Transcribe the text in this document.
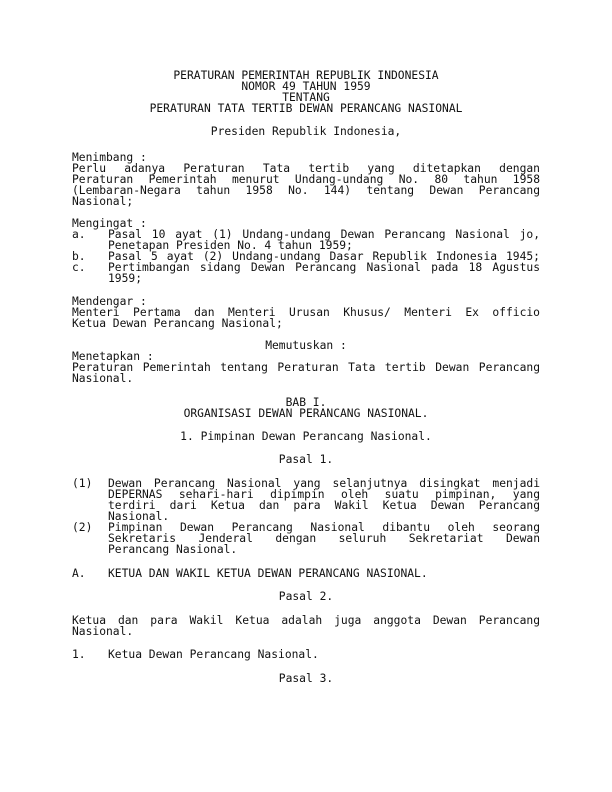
PERATURAN PEMERINTAH REPUBLIK INDONESIA
NOMOR 49 TAHUN 1959
TENTANG
PERATURAN TATA TERTIB DEWAN PERANCANG NASIONAL
Presiden Republik Indonesia,
Menimbang :
Perlu adanya Peraturan Tata tertib yang ditetapkan dengan
Peraturan Pemerintah menurut Undang-undang No. 80 tahun 1958
(Lembaran-Negara tahun 1958 No. 144) tentang Dewan Perancang
Nasional;
Mengingat :
a. Pasal 10 ayat (1) Undang-undang Dewan Perancang Nasional jo,
Penetapan Presiden No. 4 tahun 1959;
b. Pasal 5 ayat (2) Undang-undang Dasar Republik Indonesia 1945;
c. Pertimbangan sidang Dewan Perancang Nasional pada 18 Agustus
1959;
Mendengar :
Menteri Pertama dan Menteri Urusan Khusus/ Menteri Ex officio
Ketua Dewan Perancang Nasional;
Memutuskan :
Menetapkan :
Peraturan Pemerintah tentang Peraturan Tata tertib Dewan Perancang
Nasional.
BAB I.
ORGANISASI DEWAN PERANCANG NASIONAL.
1. Pimpinan Dewan Perancang Nasional.
Pasal 1.
(1) Dewan Perancang Nasional yang selanjutnya disingkat menjadi
DEPERNAS sehari-hari dipimpin oleh suatu pimpinan, yang
terdiri dari Ketua dan para Wakil Ketua Dewan Perancang
Nasional.
(2) Pimpinan Dewan Perancang Nasional dibantu oleh seorang
Sekretaris Jenderal dengan seluruh Sekretariat Dewan
Perancang Nasional.
A. KETUA DAN WAKIL KETUA DEWAN PERANCANG NASIONAL.
Pasal 2.
Ketua dan para Wakil Ketua adalah juga anggota Dewan Perancang
Nasional.
1. Ketua Dewan Perancang Nasional.
Pasal 3.
